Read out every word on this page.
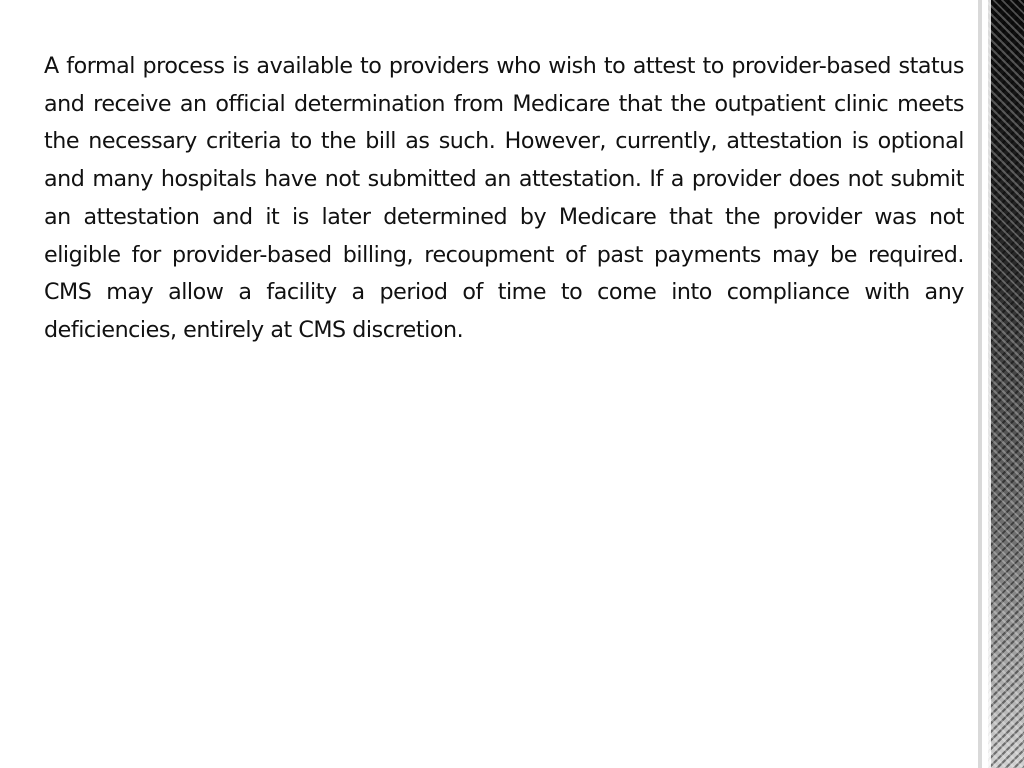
A formal process is available to providers who wish to attest to provider-based status and receive an official determination from Medicare that the outpatient clinic meets the necessary criteria to the bill as such. However, currently, attestation is optional and many hospitals have not submitted an attestation. If a provider does not submit an attestation and it is later determined by Medicare that the provider was not eligible for provider-based billing, recoupment of past payments may be required. CMS may allow a facility a period of time to come into compliance with any deficiencies, entirely at CMS discretion.
